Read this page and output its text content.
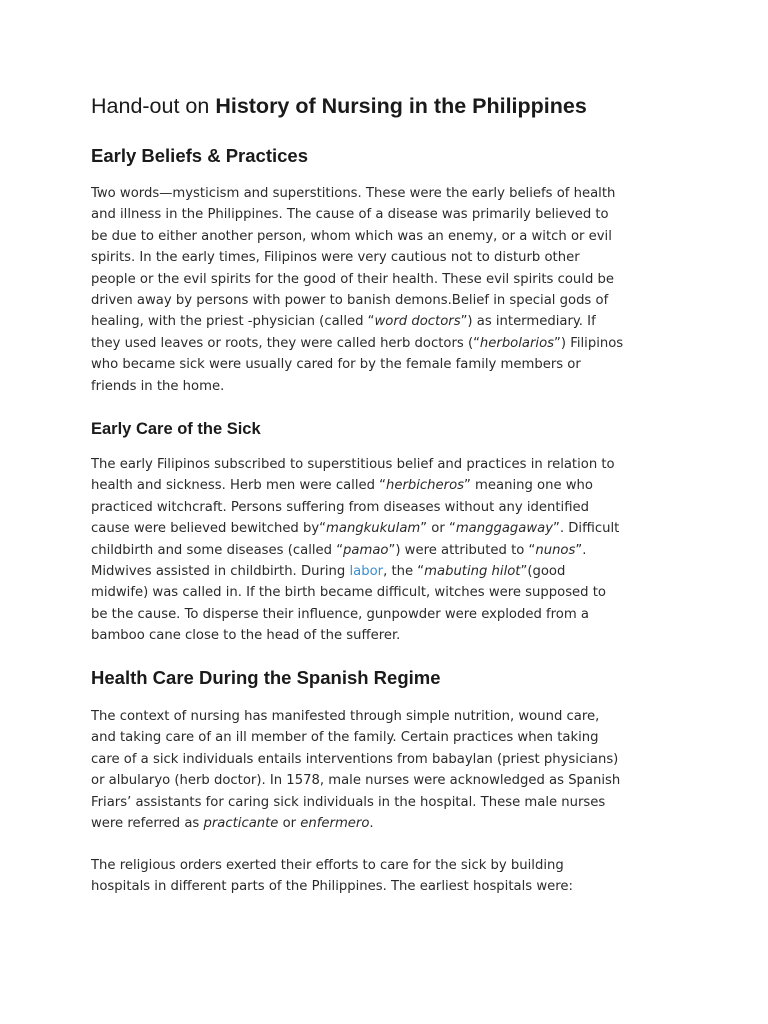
Hand-out on History of Nursing in the Philippines
Early Beliefs & Practices

Two words—mysticism and superstitions. These were the early beliefs of health
and illness in the Philippines. The cause of a disease was primarily believed to
be due to either another person, whom which was an enemy, or a witch or evil
spirits. In the early times, Filipinos were very cautious not to disturb other
people or the evil spirits for the good of their health. These evil spirits could be
driven away by persons with power to banish demons.Belief in special gods of
healing, with the priest -physician (called “word doctors”) as intermediary. If
they used leaves or roots, they were called herb doctors (“herbolarios”) Filipinos
who became sick were usually cared for by the female family members or
friends in the home.

Early Care of the Sick

The early Filipinos subscribed to superstitious belief and practices in relation to
health and sickness. Herb men were called “herbicheros” meaning one who
practiced witchcraft. Persons suffering from diseases without any identified
cause were believed bewitched by“mangkukulam” or “manggagaway”. Difficult
childbirth and some diseases (called “pamao”) were attributed to “nunos”.
Midwives assisted in childbirth. During labor, the “mabuting hilot”(good
midwife) was called in. If the birth became difficult, witches were supposed to
be the cause. To disperse their influence, gunpowder were exploded from a
bamboo cane close to the head of the sufferer.

Health Care During the Spanish Regime

The context of nursing has manifested through simple nutrition, wound care,
and taking care of an ill member of the family. Certain practices when taking
care of a sick individuals entails interventions from babaylan (priest physicians)
or albularyo (herb doctor). In 1578, male nurses were acknowledged as Spanish
Friars’ assistants for caring sick individuals in the hospital. These male nurses
were referred as practicante or enfermero.

The religious orders exerted their efforts to care for the sick by building
hospitals in different parts of the Philippines. The earliest hospitals were:
